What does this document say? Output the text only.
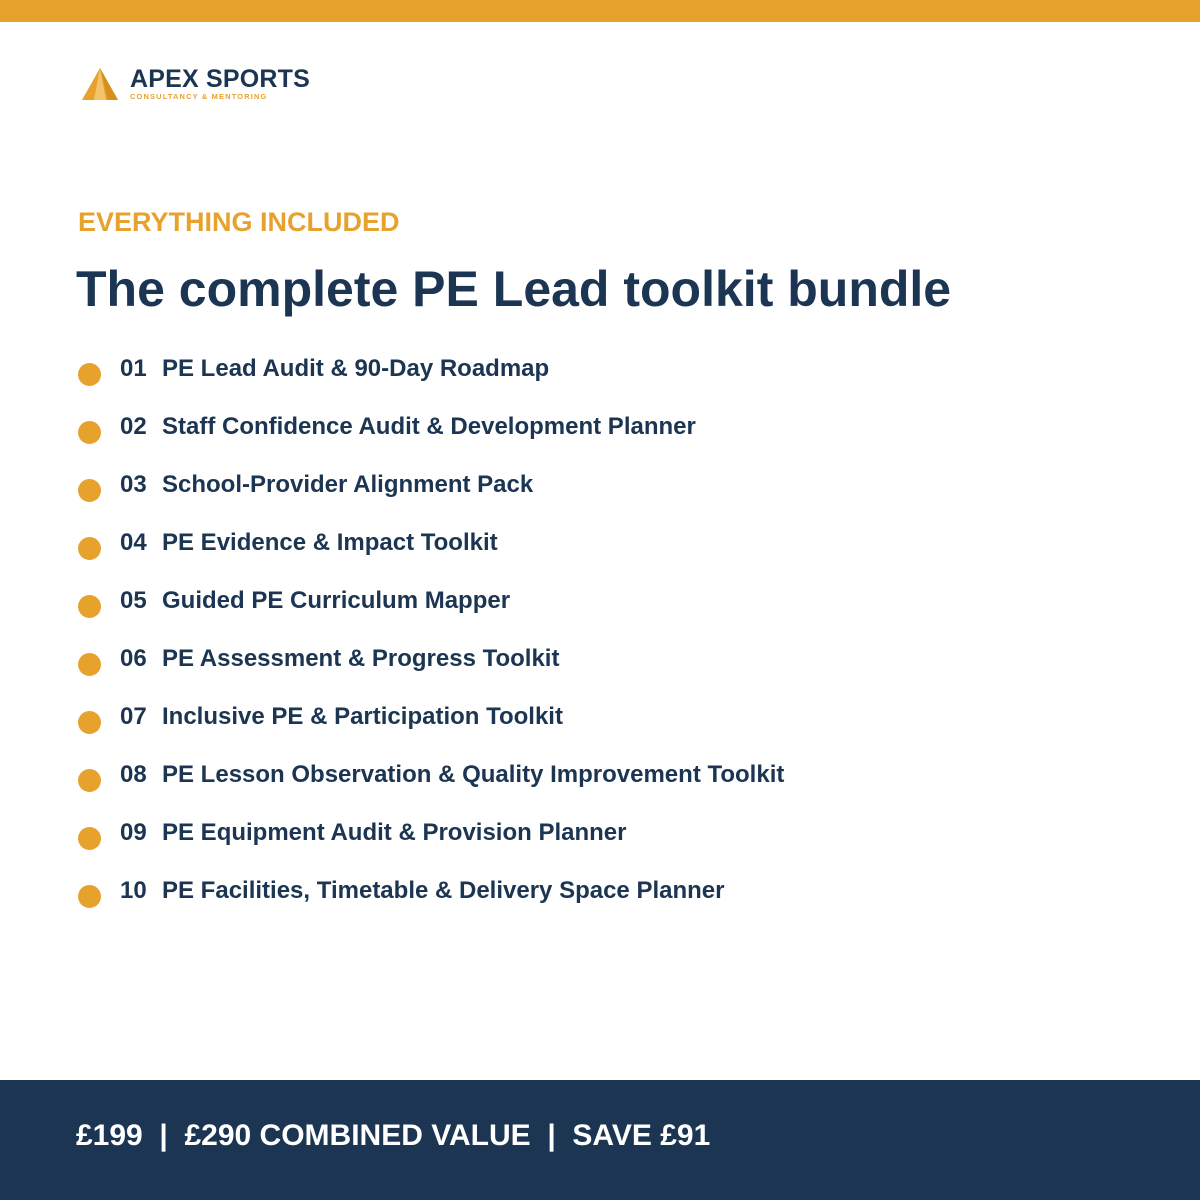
APEX SPORTS
CONSULTANCY & MENTORING
EVERYTHING INCLUDED
The complete PE Lead toolkit bundle
01 PE Lead Audit & 90-Day Roadmap
02 Staff Confidence Audit & Development Planner
03 School-Provider Alignment Pack
04 PE Evidence & Impact Toolkit
05 Guided PE Curriculum Mapper
06 PE Assessment & Progress Toolkit
07 Inclusive PE & Participation Toolkit
08 PE Lesson Observation & Quality Improvement Toolkit
09 PE Equipment Audit & Provision Planner
10 PE Facilities, Timetable & Delivery Space Planner
£199  |  £290 COMBINED VALUE  |  SAVE £91
